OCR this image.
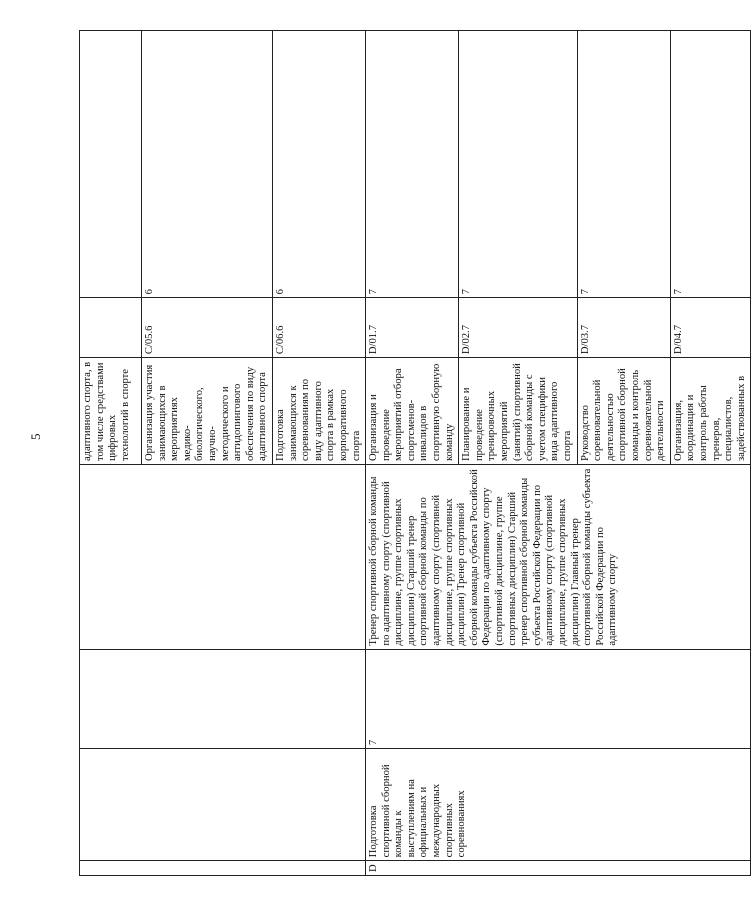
5

				адаптивного спорта, в том числе средствами цифровых технологий в спорте		

				Организация участия занимающихся в мероприятиях медико-биологического, научно-методического и антидопингового обеспечения по виду адаптивного спорта	С/05.6	6

				Подготовка занимающихся к соревнованиям по виду адаптивного спорта в рамках корпоративного спорта	С/06.6	6
D	Подготовка спортивной сборной команды к выступлениям на официальных и международных спортивных соревнованиях	7	Тренер спортивной сборной команды по адаптивному спорту (спортивной дисциплине, группе спортивных дисциплин) Старший тренер спортивной сборной команды по адаптивному спорту (спортивной дисциплине, группе спортивных дисциплин) Тренер спортивной сборной команды субъекта Российской Федерации по адаптивному спорту (спортивной дисциплине, группе спортивных дисциплин) Старший тренер спортивной сборной команды субъекта Российской Федерации по адаптивному спорту (спортивной дисциплине, группе спортивных дисциплин) Главный тренер спортивной сборной команды субъекта Российской Федерации по адаптивному спорту	Организация и проведение мероприятий отбора спортсменов-инвалидов в спортивную сборную команду	D/01.7	7

				Планирование и проведение тренировочных мероприятий (занятий) спортивной сборной команды с учетом специфики вида адаптивного спорта	D/02.7	7

				Руководство соревновательной деятельностью спортивной сборной команды и контроль соревновательной деятельности	D/03.7	7

				Организация, координация и контроль работы тренеров, специалистов, задействованных в	D/04.7	7
